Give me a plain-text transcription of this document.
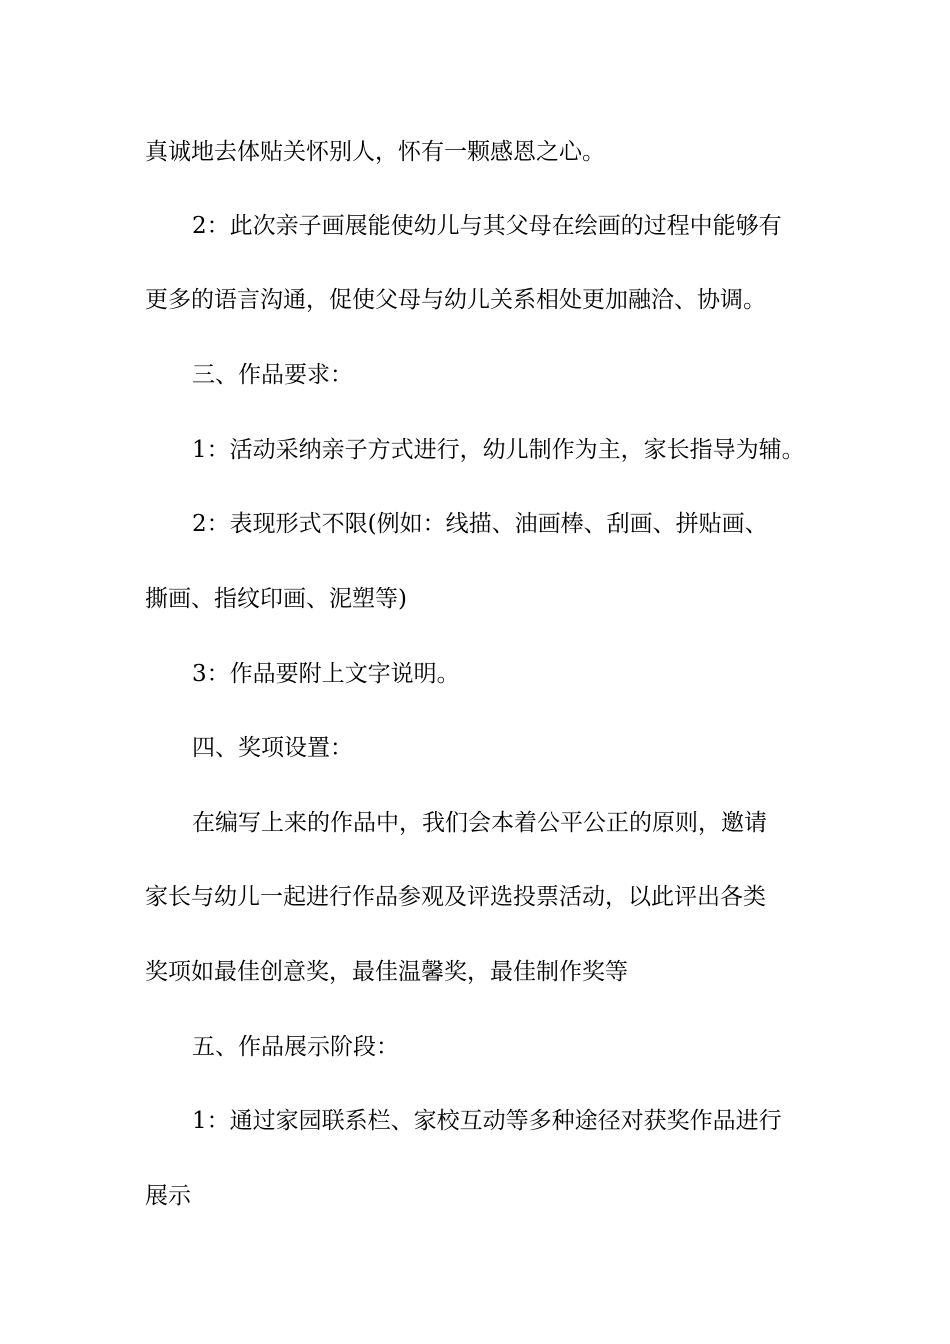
真诚地去体贴关怀别人，怀有一颗感恩之心。
2：此次亲子画展能使幼儿与其父母在绘画的过程中能够有
更多的语言沟通，促使父母与幼儿关系相处更加融洽、协调。
三、作品要求：
1：活动采纳亲子方式进行，幼儿制作为主，家长指导为辅。
2：表现形式不限(例如：线描、油画棒、刮画、拼贴画、
撕画、指纹印画、泥塑等)
3：作品要附上文字说明。
四、奖项设置：
在编写上来的作品中，我们会本着公平公正的原则，邀请
家长与幼儿一起进行作品参观及评选投票活动，以此评出各类
奖项如最佳创意奖，最佳温馨奖，最佳制作奖等
五、作品展示阶段：
1：通过家园联系栏、家校互动等多种途径对获奖作品进行
展示
